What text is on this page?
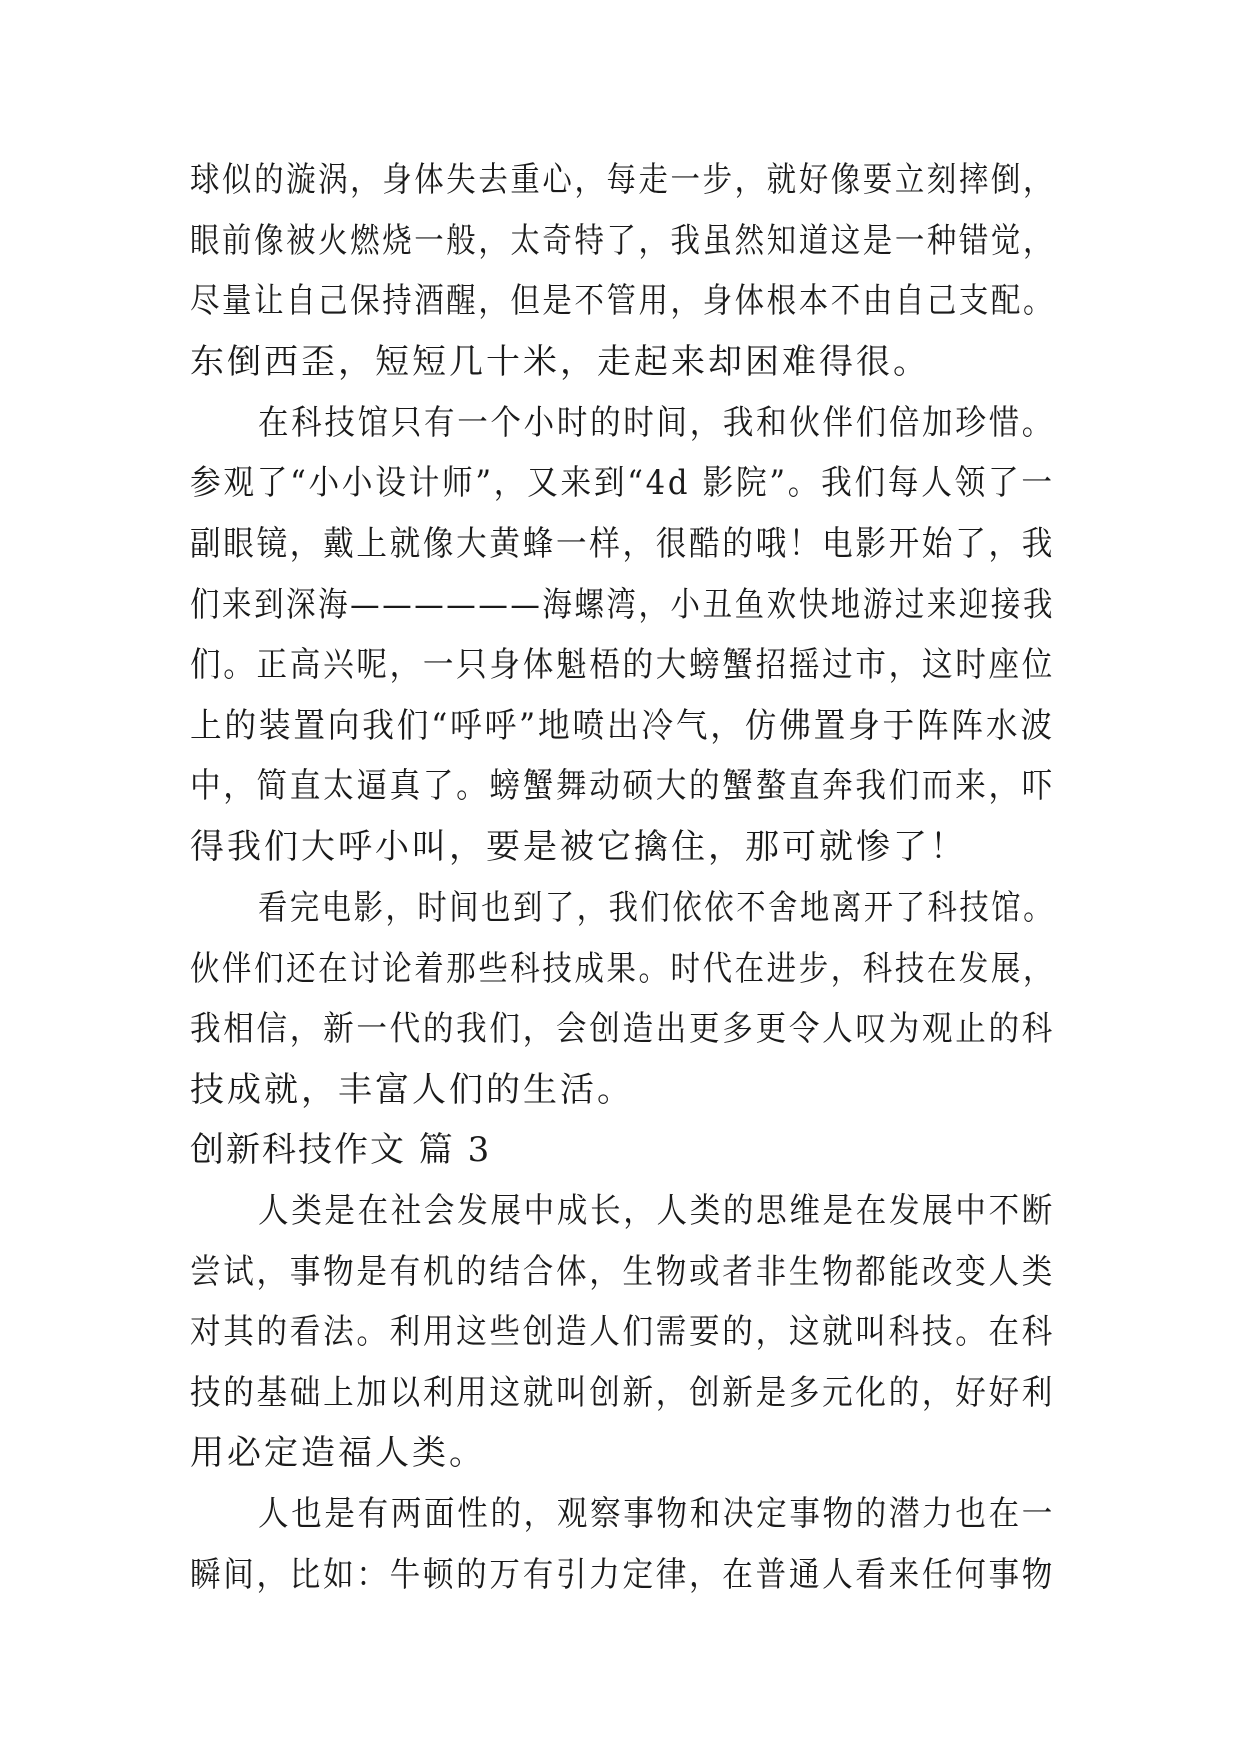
球似的漩涡，身体失去重心，每走一步，就好像要立刻摔倒，

眼前像被火燃烧一般，太奇特了，我虽然知道这是一种错觉，

尽量让自己保持酒醒，但是不管用，身体根本不由自己支配。

东倒西歪，短短几十米，走起来却困难得很。

在科技馆只有一个小时的时间，我和伙伴们倍加珍惜。

参观了“小小设计师”，又来到“4d 影院”。我们每人领了一

副眼镜，戴上就像大黄蜂一样，很酷的哦！电影开始了，我

们来到深海——————海螺湾，小丑鱼欢快地游过来迎接我

们。正高兴呢，一只身体魁梧的大螃蟹招摇过市，这时座位

上的装置向我们“呼呼”地喷出冷气，仿佛置身于阵阵水波

中，简直太逼真了。螃蟹舞动硕大的蟹螯直奔我们而来，吓

得我们大呼小叫，要是被它擒住，那可就惨了！

看完电影，时间也到了，我们依依不舍地离开了科技馆。

伙伴们还在讨论着那些科技成果。时代在进步，科技在发展，

我相信，新一代的我们，会创造出更多更令人叹为观止的科

技成就，丰富人们的生活。

创新科技作文 篇 3

人类是在社会发展中成长，人类的思维是在发展中不断

尝试，事物是有机的结合体，生物或者非生物都能改变人类

对其的看法。利用这些创造人们需要的，这就叫科技。在科

技的基础上加以利用这就叫创新，创新是多元化的，好好利

用必定造福人类。

人也是有两面性的，观察事物和决定事物的潜力也在一

瞬间，比如：牛顿的万有引力定律，在普通人看来任何事物
